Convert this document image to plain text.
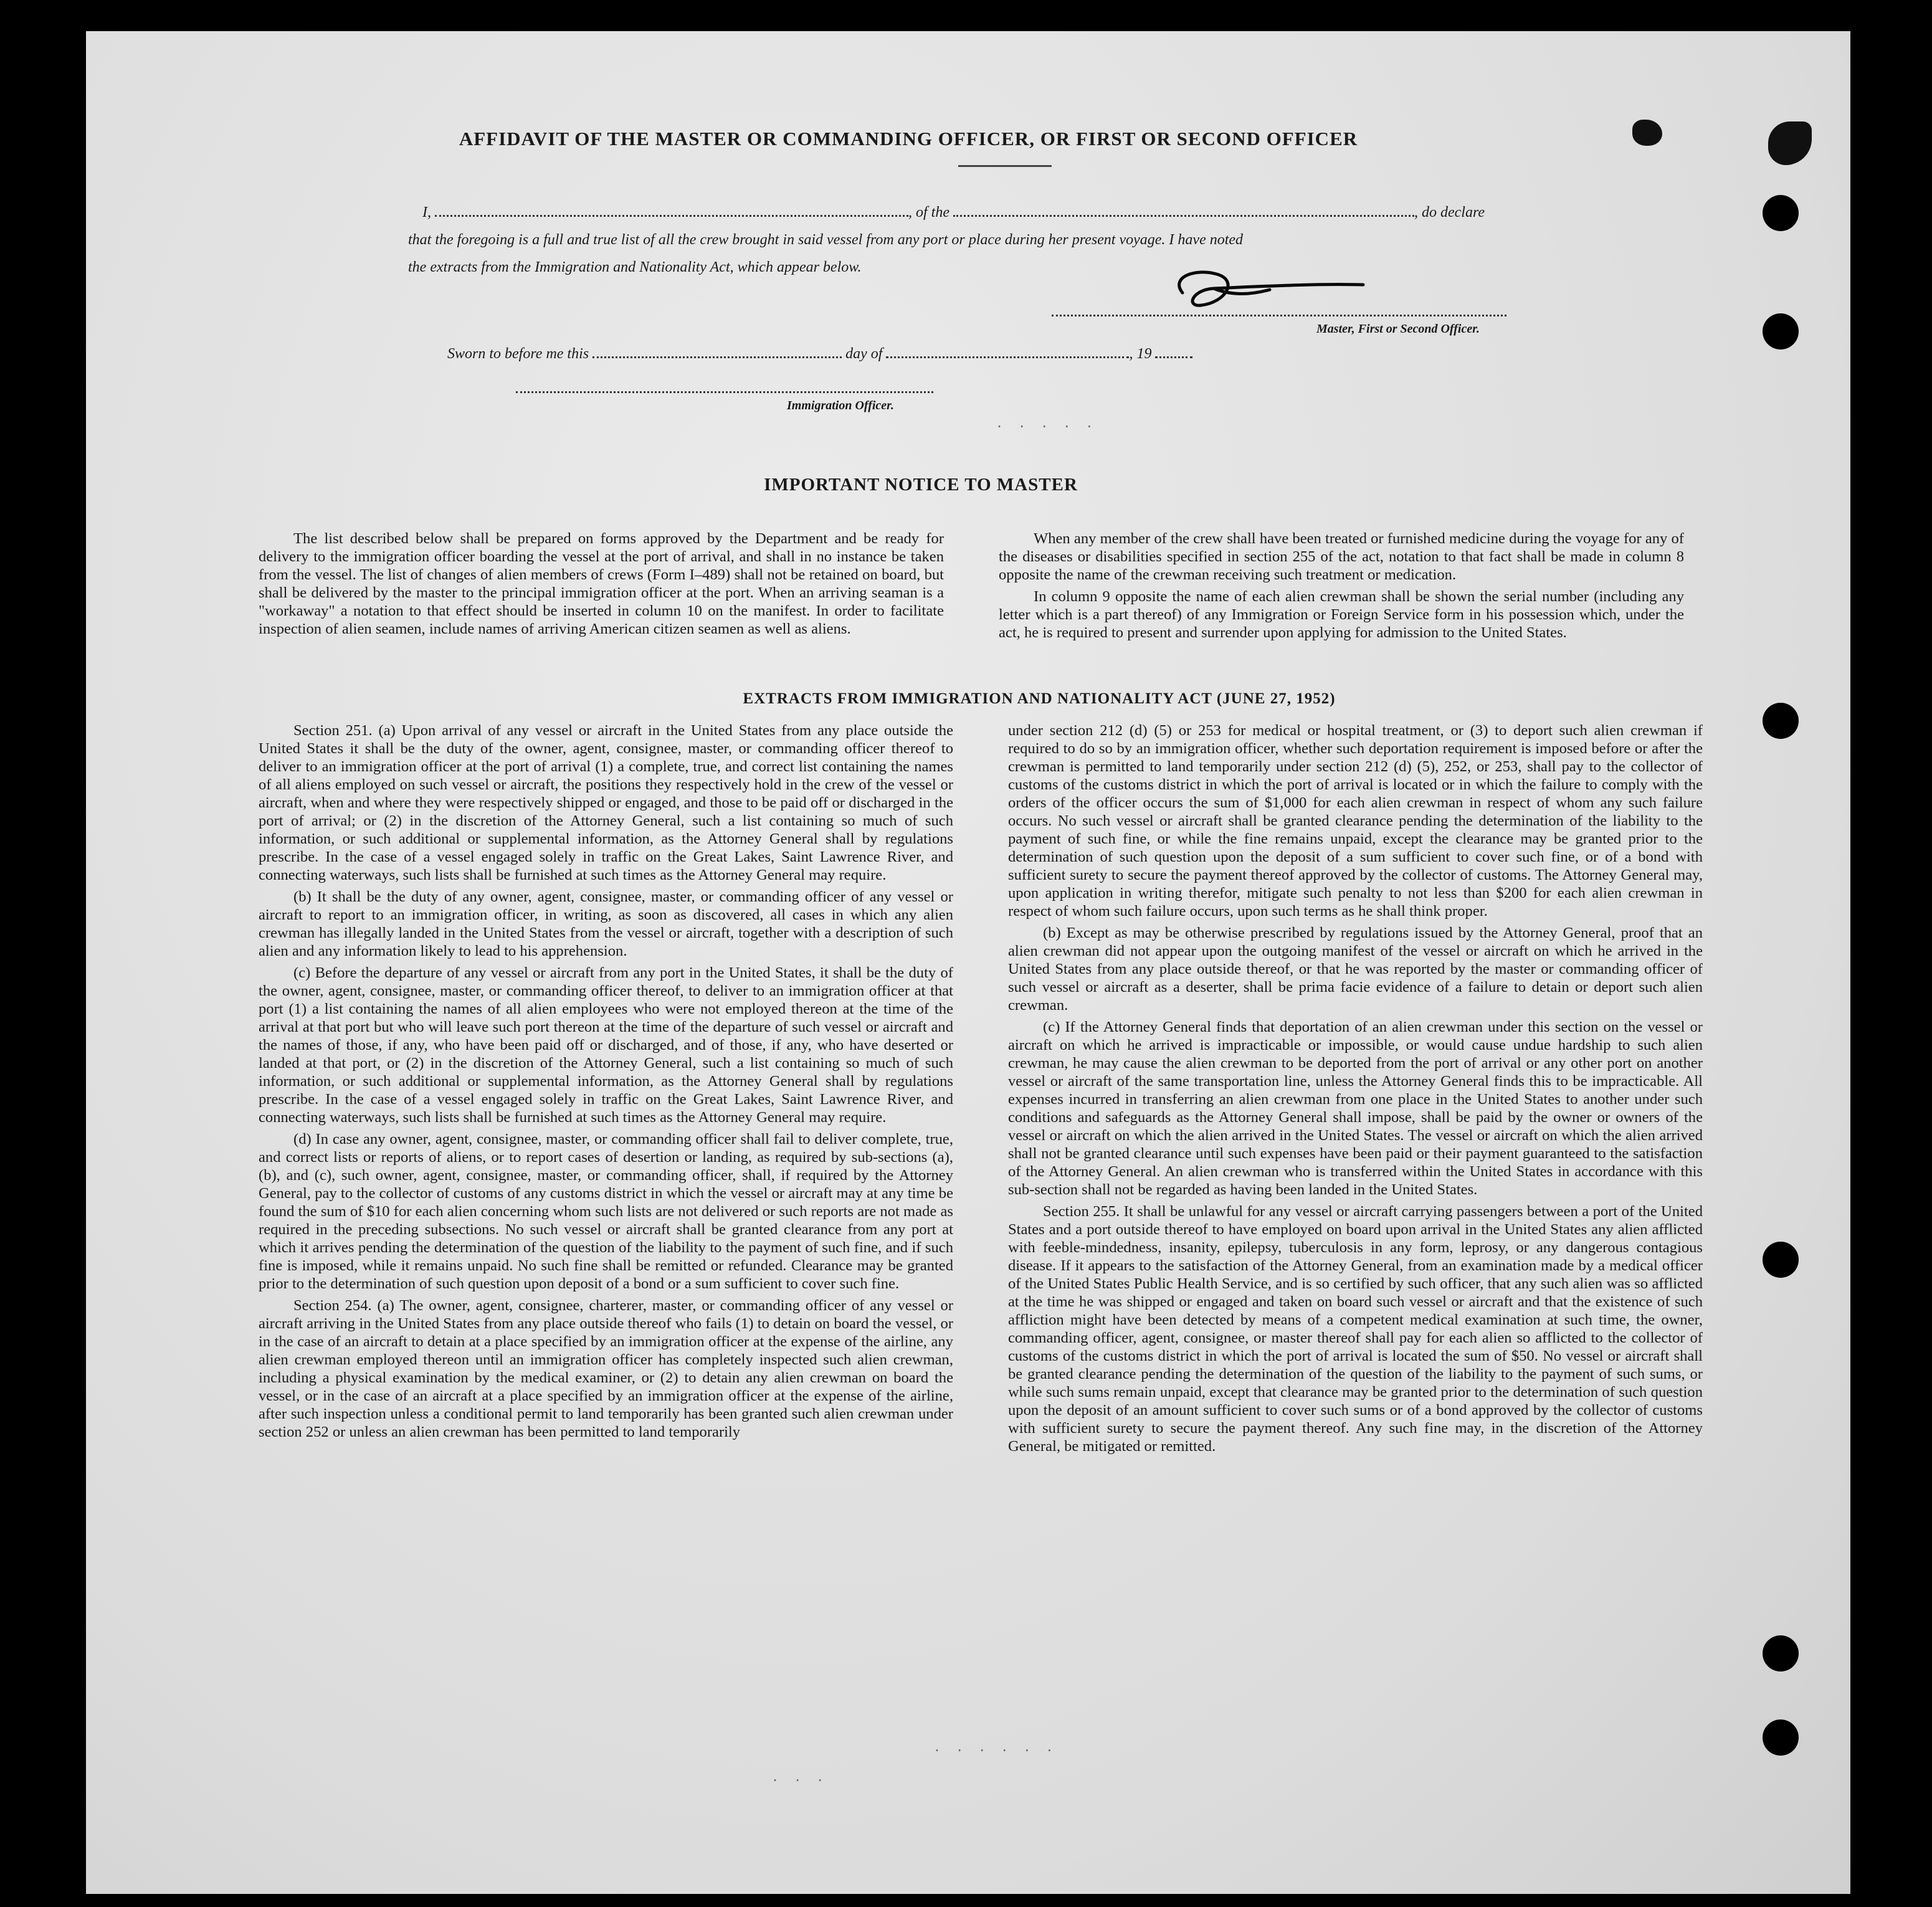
. . . . .
. . . . . .
. . .
AFFIDAVIT OF THE MASTER OR COMMANDING OFFICER, OR FIRST OR SECOND OFFICER
I,	, of the	, do declare
that the foregoing is a full and true list of all the crew brought in said vessel from any port or place during her present voyage. I have noted
the extracts from the Immigration and Nationality Act, which appear below.
Master, First or Second Officer.
Sworn to before me this	day of	, 19
Immigration Officer.
IMPORTANT NOTICE TO MASTER

The list described below shall be prepared on forms approved by the Department and be ready for delivery to the immigration officer boarding the vessel at the port of arrival, and shall in no instance be taken from the vessel. The list of changes of alien members of crews (Form I–489) shall not be retained on board, but shall be delivered by the master to the principal immigration officer at the port. When an arriving seaman is a "workaway" a notation to that effect should be inserted in column 10 on the manifest. In order to facilitate inspection of alien seamen, include names of arriving American citizen seamen as well as aliens.

When any member of the crew shall have been treated or furnished medicine during the voyage for any of the diseases or disabilities specified in section 255 of the act, notation to that fact shall be made in column 8 opposite the name of the crewman receiving such treatment or medication.

In column 9 opposite the name of each alien crewman shall be shown the serial number (including any letter which is a part thereof) of any Immigration or Foreign Service form in his possession which, under the act, he is required to present and surrender upon applying for admission to the United States.

EXTRACTS FROM IMMIGRATION AND NATIONALITY ACT (JUNE 27, 1952)

Section 251. (a) Upon arrival of any vessel or aircraft in the United States from any place outside the United States it shall be the duty of the owner, agent, consignee, master, or commanding officer thereof to deliver to an immigration officer at the port of arrival (1) a complete, true, and correct list containing the names of all aliens employed on such vessel or aircraft, the positions they respectively hold in the crew of the vessel or aircraft, when and where they were respectively shipped or engaged, and those to be paid off or discharged in the port of arrival; or (2) in the discretion of the Attorney General, such a list containing so much of such information, or such additional or supplemental information, as the Attorney General shall by regulations prescribe. In the case of a vessel engaged solely in traffic on the Great Lakes, Saint Lawrence River, and connecting waterways, such lists shall be furnished at such times as the Attorney General may require.

(b) It shall be the duty of any owner, agent, consignee, master, or commanding officer of any vessel or aircraft to report to an immigration officer, in writing, as soon as discovered, all cases in which any alien crewman has illegally landed in the United States from the vessel or aircraft, together with a description of such alien and any information likely to lead to his apprehension.

(c) Before the departure of any vessel or aircraft from any port in the United States, it shall be the duty of the owner, agent, consignee, master, or commanding officer thereof, to deliver to an immigration officer at that port (1) a list containing the names of all alien employees who were not employed thereon at the time of the arrival at that port but who will leave such port thereon at the time of the departure of such vessel or aircraft and the names of those, if any, who have been paid off or discharged, and of those, if any, who have deserted or landed at that port, or (2) in the discretion of the Attorney General, such a list containing so much of such information, or such additional or supplemental information, as the Attorney General shall by regulations prescribe. In the case of a vessel engaged solely in traffic on the Great Lakes, Saint Lawrence River, and connecting waterways, such lists shall be furnished at such times as the Attorney General may require.

(d) In case any owner, agent, consignee, master, or commanding officer shall fail to deliver complete, true, and correct lists or reports of aliens, or to report cases of desertion or landing, as required by sub-sections (a), (b), and (c), such owner, agent, consignee, master, or commanding officer, shall, if required by the Attorney General, pay to the collector of customs of any customs district in which the vessel or aircraft may at any time be found the sum of $10 for each alien concerning whom such lists are not delivered or such reports are not made as required in the preceding subsections. No such vessel or aircraft shall be granted clearance from any port at which it arrives pending the determination of the question of the liability to the payment of such fine, and if such fine is imposed, while it remains unpaid. No such fine shall be remitted or refunded. Clearance may be granted prior to the determination of such question upon deposit of a bond or a sum sufficient to cover such fine.

Section 254. (a) The owner, agent, consignee, charterer, master, or commanding officer of any vessel or aircraft arriving in the United States from any place outside thereof who fails (1) to detain on board the vessel, or in the case of an aircraft to detain at a place specified by an immigration officer at the expense of the airline, any alien crewman employed thereon until an immigration officer has completely inspected such alien crewman, including a physical examination by the medical examiner, or (2) to detain any alien crewman on board the vessel, or in the case of an aircraft at a place specified by an immigration officer at the expense of the airline, after such inspection unless a conditional permit to land temporarily has been granted such alien crewman under section 252 or unless an alien crewman has been permitted to land temporarily

under section 212 (d) (5) or 253 for medical or hospital treatment, or (3) to deport such alien crewman if required to do so by an immigration officer, whether such deportation requirement is imposed before or after the crewman is permitted to land temporarily under section 212 (d) (5), 252, or 253, shall pay to the collector of customs of the customs district in which the port of arrival is located or in which the failure to comply with the orders of the officer occurs the sum of $1,000 for each alien crewman in respect of whom any such failure occurs. No such vessel or aircraft shall be granted clearance pending the determination of the liability to the payment of such fine, or while the fine remains unpaid, except the clearance may be granted prior to the determination of such question upon the deposit of a sum sufficient to cover such fine, or of a bond with sufficient surety to secure the payment thereof approved by the collector of customs. The Attorney General may, upon application in writing therefor, mitigate such penalty to not less than $200 for each alien crewman in respect of whom such failure occurs, upon such terms as he shall think proper.

(b) Except as may be otherwise prescribed by regulations issued by the Attorney General, proof that an alien crewman did not appear upon the outgoing manifest of the vessel or aircraft on which he arrived in the United States from any place outside thereof, or that he was reported by the master or commanding officer of such vessel or aircraft as a deserter, shall be prima facie evidence of a failure to detain or deport such alien crewman.

(c) If the Attorney General finds that deportation of an alien crewman under this section on the vessel or aircraft on which he arrived is impracticable or impossible, or would cause undue hardship to such alien crewman, he may cause the alien crewman to be deported from the port of arrival or any other port on another vessel or aircraft of the same transportation line, unless the Attorney General finds this to be impracticable. All expenses incurred in transferring an alien crewman from one place in the United States to another under such conditions and safeguards as the Attorney General shall impose, shall be paid by the owner or owners of the vessel or aircraft on which the alien arrived in the United States. The vessel or aircraft on which the alien arrived shall not be granted clearance until such expenses have been paid or their payment guaranteed to the satisfaction of the Attorney General. An alien crewman who is transferred within the United States in accordance with this sub-section shall not be regarded as having been landed in the United States.

Section 255. It shall be unlawful for any vessel or aircraft carrying passengers between a port of the United States and a port outside thereof to have employed on board upon arrival in the United States any alien afflicted with feeble-mindedness, insanity, epilepsy, tuberculosis in any form, leprosy, or any dangerous contagious disease. If it appears to the satisfaction of the Attorney General, from an examination made by a medical officer of the United States Public Health Service, and is so certified by such officer, that any such alien was so afflicted at the time he was shipped or engaged and taken on board such vessel or aircraft and that the existence of such affliction might have been detected by means of a competent medical examination at such time, the owner, commanding officer, agent, consignee, or master thereof shall pay for each alien so afflicted to the collector of customs of the customs district in which the port of arrival is located the sum of $50. No vessel or aircraft shall be granted clearance pending the determination of the question of the liability to the payment of such sums, or while such sums remain unpaid, except that clearance may be granted prior to the determination of such question upon the deposit of an amount sufficient to cover such sums or of a bond approved by the collector of customs with sufficient surety to secure the payment thereof. Any such fine may, in the discretion of the Attorney General, be mitigated or remitted.
